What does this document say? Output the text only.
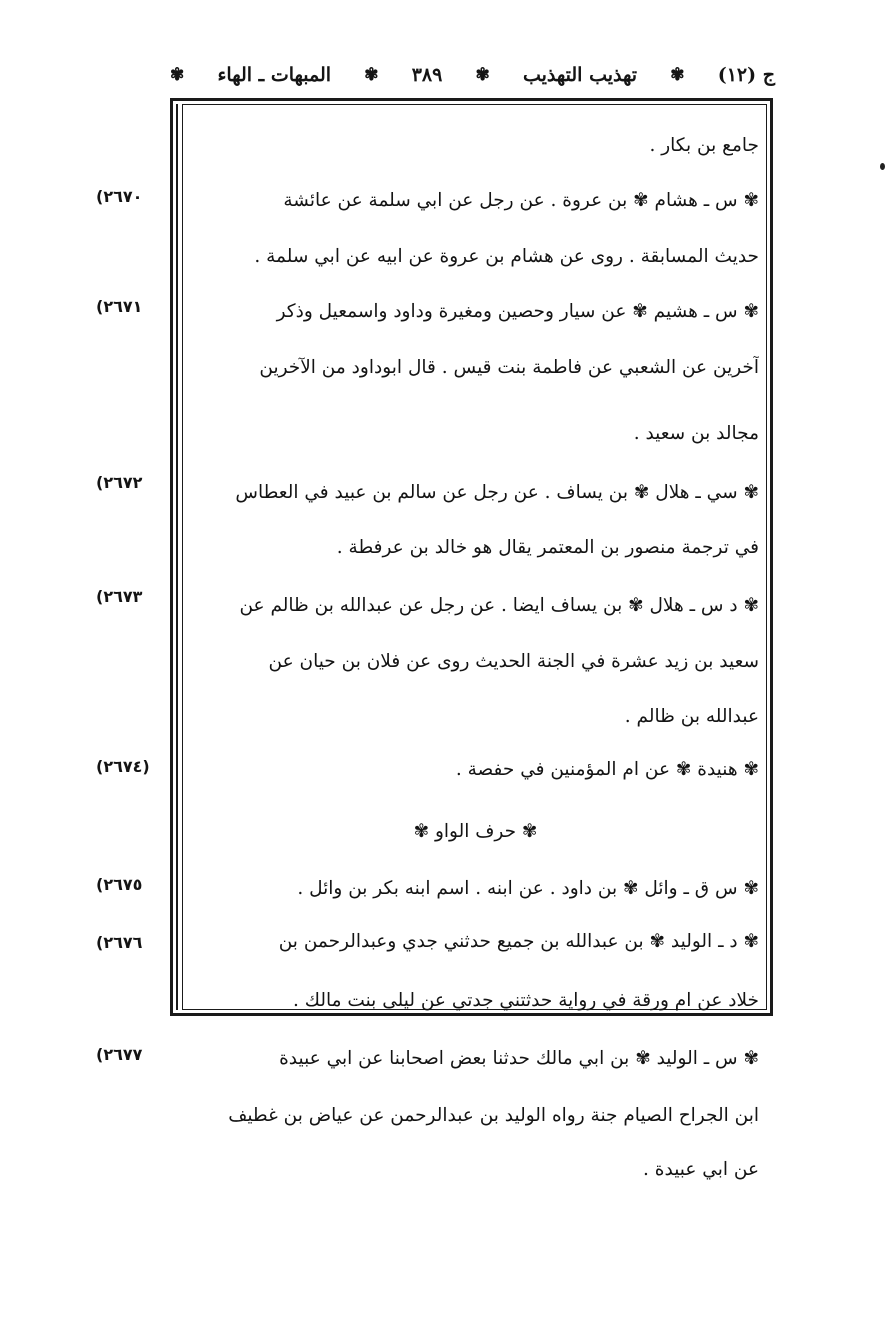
ج (١٢)
✾
تهذيب التهذيب
✾
٣٨٩
✾
المبهات ـ الهاء
✾
جامع بن بكار .
✾ س ـ هشام ✾ بن عروة . عن رجل عن ابي سلمة عن عائشة
حديث المسابقة . روى عن هشام بن عروة عن ابيه عن ابي سلمة .
✾ س ـ هشيم ✾ عن سيار وحصين ومغيرة وداود واسمعيل وذكر
آخرين عن الشعبي عن فاطمة بنت قيس . قال ابوداود من الآخرين
مجالد بن سعيد .
✾ سي ـ هلال ✾ بن يساف . عن رجل عن سالم بن عبيد في العطاس
في ترجمة منصور بن المعتمر يقال هو خالد بن عرفطة .
✾ د س ـ هلال ✾ بن يساف ايضا . عن رجل عن عبدالله بن ظالم عن
سعيد بن زيد عشرة في الجنة الحديث روى عن فلان بن حيان عن
عبدالله بن ظالم .
✾ هنيدة ✾ عن ام المؤمنين في حفصة .
✾ حرف الواو ✾
✾ س ق ـ وائل ✾ بن داود . عن ابنه . اسم ابنه بكر بن وائل .
✾ د ـ الوليد ✾ بن عبدالله بن جميع حدثني جدي وعبدالرحمن بن
خلاد عن ام ورقة في رواية حدثتني جدتي عن ليلى بنت مالك .
✾ س ـ الوليد ✾ بن ابي مالك حدثنا بعض اصحابنا عن ابي عبيدة
ابن الجراح الصيام جنة رواه الوليد بن عبدالرحمن عن عياض بن غطيف
عن ابي عبيدة .
(٢٦٧٠
(٢٦٧١
(٢٦٧٢
(٢٦٧٣
(٢٦٧٤)
(٢٦٧٥
(٢٦٧٦
(٢٦٧٧
